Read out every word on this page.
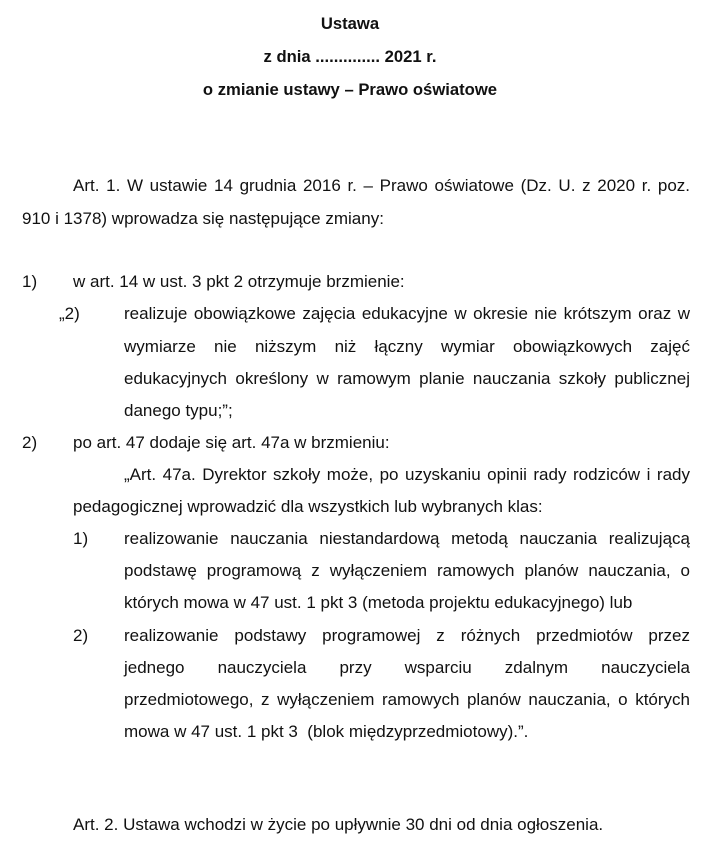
Ustawa
z dnia .............. 2021 r.
o zmianie ustawy – Prawo oświatowe
Art. 1. W ustawie 14 grudnia 2016 r. – Prawo oświatowe (Dz. U. z 2020 r. poz.
910 i 1378) wprowadza się następujące zmiany:
1) w art. 14 w ust. 3 pkt 2 otrzymuje brzmienie:
„2)	realizuje obowiązkowe zajęcia edukacyjne w okresie nie krótszym oraz w
wymiarze nie niższym niż łączny wymiar obowiązkowych zajęć
edukacyjnych określony w ramowym planie nauczania szkoły publicznej
danego typu;”;
2) po art. 47 dodaje się art. 47a w brzmieniu:
„Art. 47a. Dyrektor szkoły może, po uzyskaniu opinii rady rodziców i rady
pedagogicznej wprowadzić dla wszystkich lub wybranych klas:
1) realizowanie nauczania niestandardową metodą nauczania realizującą
podstawę programową z wyłączeniem ramowych planów nauczania, o
których mowa w 47 ust. 1 pkt 3 (metoda projektu edukacyjnego) lub
2) realizowanie podstawy programowej z różnych przedmiotów przez
jednego nauczyciela przy wsparciu zdalnym nauczyciela
przedmiotowego, z wyłączeniem ramowych planów nauczania, o których
mowa w 47 ust. 1 pkt 3  (blok międzyprzedmiotowy).”.
Art. 2. Ustawa wchodzi w życie po upływnie 30 dni od dnia ogłoszenia.
